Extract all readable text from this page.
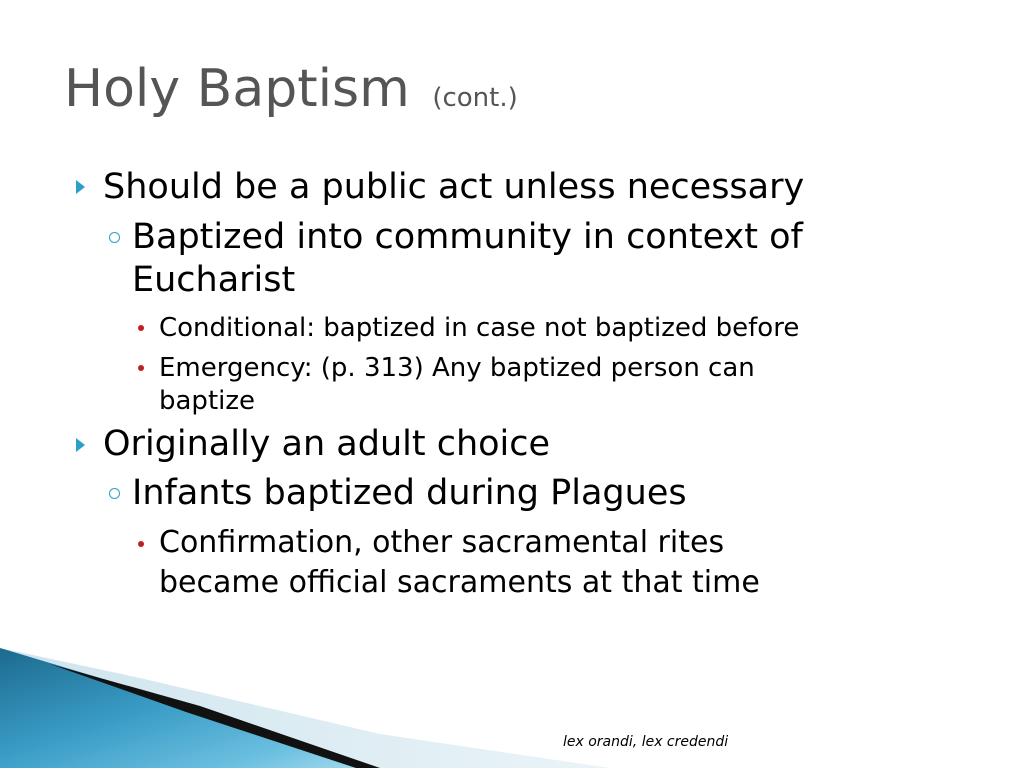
Holy Baptism (cont.)

Should be a public act unless necessary

Baptized into community in context of

Eucharist

Conditional: baptized in case not baptized before

Emergency: (p. 313) Any baptized person can

baptize

Originally an adult choice

Infants baptized during Plagues

Confirmation, other sacramental rites

became official sacraments at that time

lex orandi, lex credendi
